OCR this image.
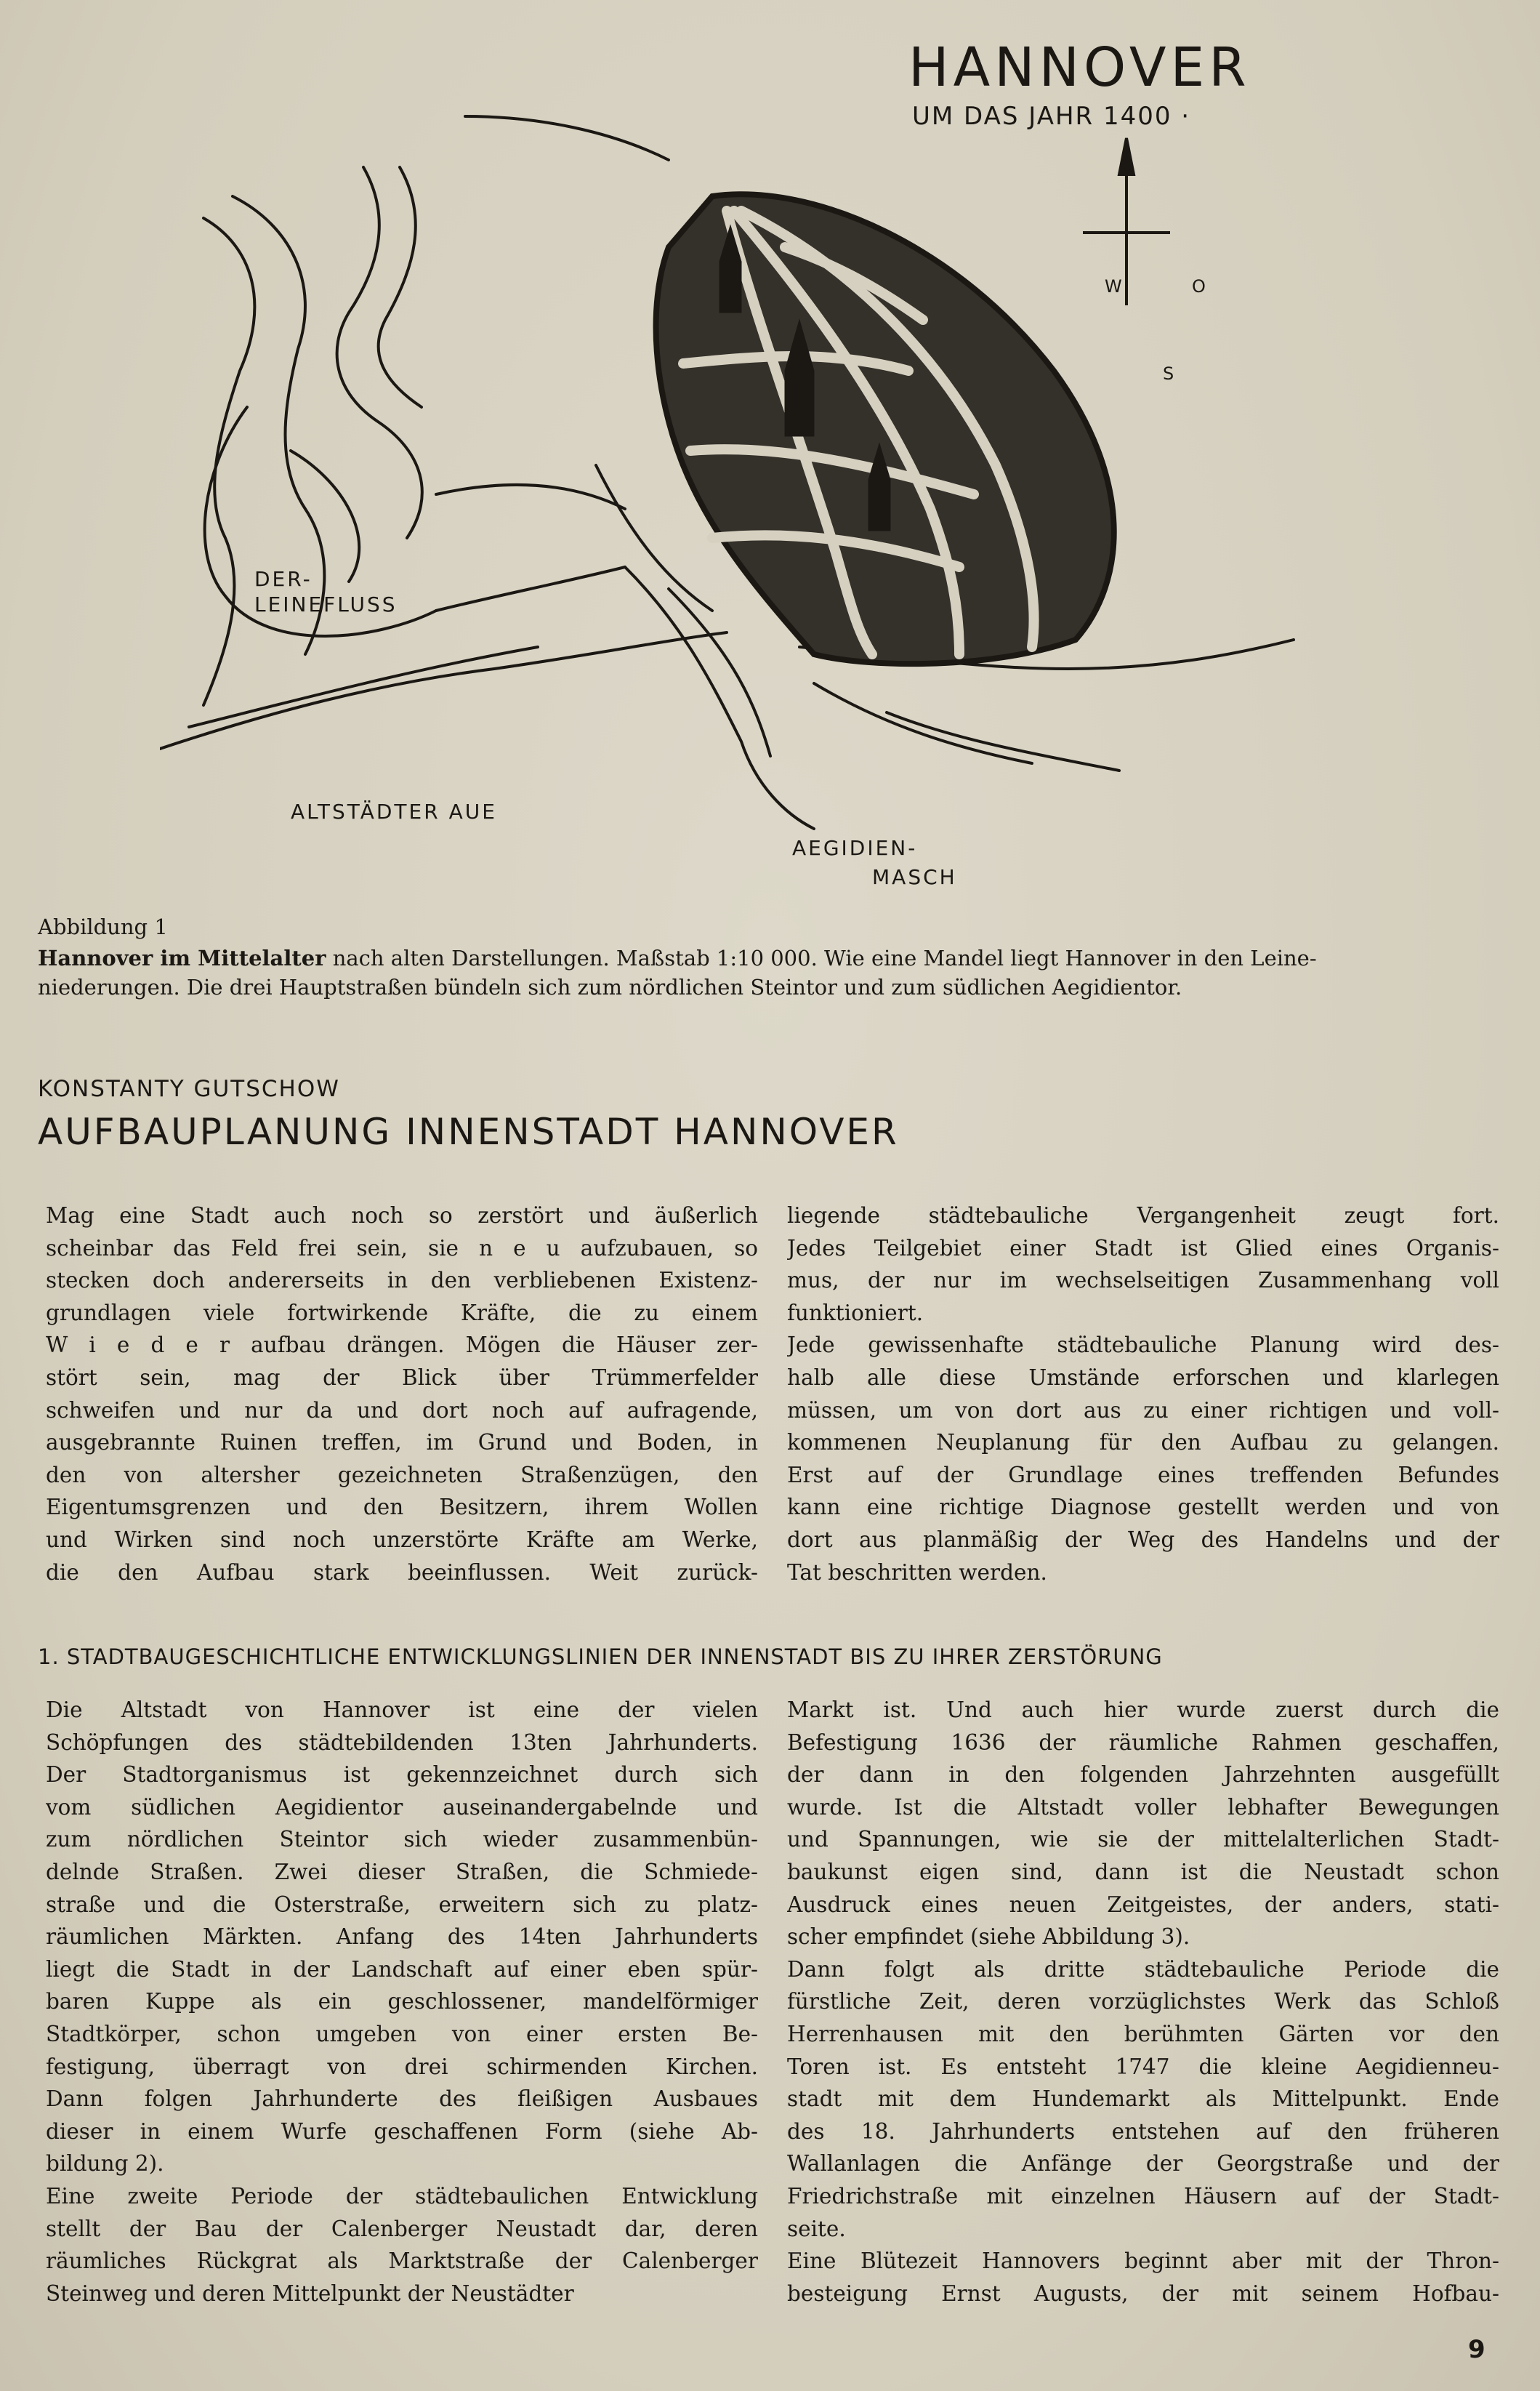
HANNOVER
UM DAS JAHR 1400 ·
DER-
LEINEFLUSS
ALTSTÄDTER AUE
AEGIDIEN-
MASCH
W	O
S
Abbildung 1
Hannover im Mittelalter nach alten Darstellungen. Maßstab 1:10 000. Wie eine Mandel liegt Hannover in den Leine-
niederungen. Die drei Hauptstraßen bündeln sich zum nördlichen Steintor und zum südlichen Aegidientor.
KONSTANTY GUTSCHOW
AUFBAUPLANUNG INNENSTADT HANNOVER
Mag eine Stadt auch noch so zerstört und äußerlich
scheinbar das Feld frei sein, sie n e u aufzubauen, so
stecken doch andererseits in den verbliebenen Existenz-
grundlagen viele fortwirkende Kräfte, die zu einem
W i e d e r aufbau drängen. Mögen die Häuser zer-
stört sein, mag der Blick über Trümmerfelder
schweifen und nur da und dort noch auf aufragende,
ausgebrannte Ruinen treffen, im Grund und Boden, in
den von altersher gezeichneten Straßenzügen, den
Eigentumsgrenzen und den Besitzern, ihrem Wollen
und Wirken sind noch unzerstörte Kräfte am Werke,
die den Aufbau stark beeinflussen. Weit zurück-
liegende städtebauliche Vergangenheit zeugt fort.
Jedes Teilgebiet einer Stadt ist Glied eines Organis-
mus, der nur im wechselseitigen Zusammenhang voll
funktioniert.
Jede gewissenhafte städtebauliche Planung wird des-
halb alle diese Umstände erforschen und klarlegen
müssen, um von dort aus zu einer richtigen und voll-
kommenen Neuplanung für den Aufbau zu gelangen.
Erst auf der Grundlage eines treffenden Befundes
kann eine richtige Diagnose gestellt werden und von
dort aus planmäßig der Weg des Handelns und der
Tat beschritten werden.
1. STADTBAUGESCHICHTLICHE ENTWICKLUNGSLINIEN DER INNENSTADT BIS ZU IHRER ZERSTÖRUNG
Die Altstadt von Hannover ist eine der vielen
Schöpfungen des städtebildenden 13ten Jahrhunderts.
Der Stadtorganismus ist gekennzeichnet durch sich
vom südlichen Aegidientor auseinandergabelnde und
zum nördlichen Steintor sich wieder zusammenbün-
delnde Straßen. Zwei dieser Straßen, die Schmiede-
straße und die Osterstraße, erweitern sich zu platz-
räumlichen Märkten. Anfang des 14ten Jahrhunderts
liegt die Stadt in der Landschaft auf einer eben spür-
baren Kuppe als ein geschlossener, mandelförmiger
Stadtkörper, schon umgeben von einer ersten Be-
festigung, überragt von drei schirmenden Kirchen.
Dann folgen Jahrhunderte des fleißigen Ausbaues
dieser in einem Wurfe geschaffenen Form (siehe Ab-
bildung 2).
Eine zweite Periode der städtebaulichen Entwicklung
stellt der Bau der Calenberger Neustadt dar, deren
räumliches Rückgrat als Marktstraße der Calenberger
Steinweg und deren Mittelpunkt der Neustädter
Markt ist. Und auch hier wurde zuerst durch die
Befestigung 1636 der räumliche Rahmen geschaffen,
der dann in den folgenden Jahrzehnten ausgefüllt
wurde. Ist die Altstadt voller lebhafter Bewegungen
und Spannungen, wie sie der mittelalterlichen Stadt-
baukunst eigen sind, dann ist die Neustadt schon
Ausdruck eines neuen Zeitgeistes, der anders, stati-
scher empfindet (siehe Abbildung 3).
Dann folgt als dritte städtebauliche Periode die
fürstliche Zeit, deren vorzüglichstes Werk das Schloß
Herrenhausen mit den berühmten Gärten vor den
Toren ist. Es entsteht 1747 die kleine Aegidienneu-
stadt mit dem Hundemarkt als Mittelpunkt. Ende
des 18. Jahrhunderts entstehen auf den früheren
Wallanlagen die Anfänge der Georgstraße und der
Friedrichstraße mit einzelnen Häusern auf der Stadt-
seite.
Eine Blütezeit Hannovers beginnt aber mit der Thron-
besteigung Ernst Augusts, der mit seinem Hofbau-
9
